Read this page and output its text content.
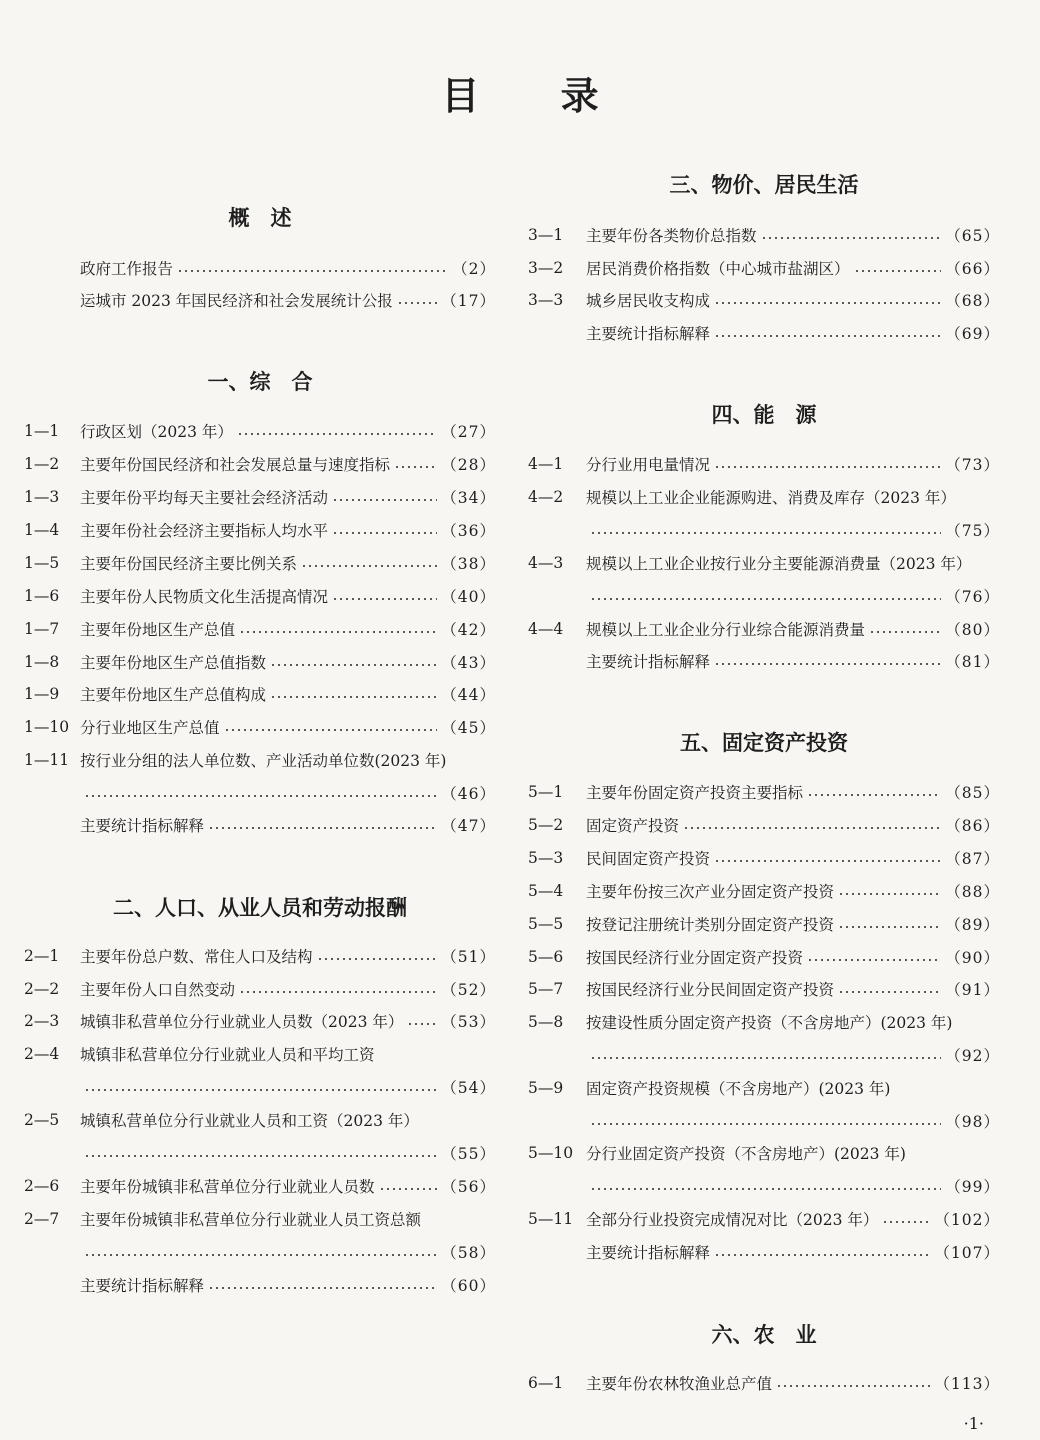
目 录
概　述
政府工作报告	（2）
运城市 2023 年国民经济和社会发展统计公报	（17）
一、综　合
1—1	行政区划（2023 年）	（27）
1—2	主要年份国民经济和社会发展总量与速度指标	（28）
1—3	主要年份平均每天主要社会经济活动	（34）
1—4	主要年份社会经济主要指标人均水平	（36）
1—5	主要年份国民经济主要比例关系	（38）
1—6	主要年份人民物质文化生活提高情况	（40）
1—7	主要年份地区生产总值	（42）
1—8	主要年份地区生产总值指数	（43）
1—9	主要年份地区生产总值构成	（44）
1—10 分行业地区生产总值	（45）
1—11 按行业分组的法人单位数、产业活动单位数(2023 年)
（46）
主要统计指标解释	（47）
二、人口、从业人员和劳动报酬
2—1	主要年份总户数、常住人口及结构	（51）
2—2	主要年份人口自然变动	（52）
2—3	城镇非私营单位分行业就业人员数（2023 年） （53）
2—4	城镇非私营单位分行业就业人员和平均工资
（54）
2—5	城镇私营单位分行业就业人员和工资（2023 年）
（55）
2—6	主要年份城镇非私营单位分行业就业人员数	（56）
2—7	主要年份城镇非私营单位分行业就业人员工资总额
（58）
主要统计指标解释	（60）
三、物价、居民生活
3—1	主要年份各类物价总指数	（65）
3—2	居民消费价格指数（中心城市盐湖区）	（66）
3—3	城乡居民收支构成	（68）
主要统计指标解释	（69）
四、能　源
4—1	分行业用电量情况	（73）
4—2	规模以上工业企业能源购进、消费及库存（2023 年）
（75）
4—3	规模以上工业企业按行业分主要能源消费量（2023 年）
（76）
4—4	规模以上工业企业分行业综合能源消费量	（80）
主要统计指标解释	（81）
五、固定资产投资
5—1	主要年份固定资产投资主要指标	（85）
5—2	固定资产投资	（86）
5—3	民间固定资产投资	（87）
5—4	主要年份按三次产业分固定资产投资	（88）
5—5	按登记注册统计类别分固定资产投资	（89）
5—6	按国民经济行业分固定资产投资	（90）
5—7	按国民经济行业分民间固定资产投资	（91）
5—8	按建设性质分固定资产投资（不含房地产）(2023 年)
（92）
5—9	固定资产投资规模（不含房地产）(2023 年)
（98）
5—10 分行业固定资产投资（不含房地产）(2023 年)
（99）
5—11 全部分行业投资完成情况对比（2023 年）	（102）
主要统计指标解释	（107）
六、农　业
6—1	主要年份农林牧渔业总产值	（113）
·1·
